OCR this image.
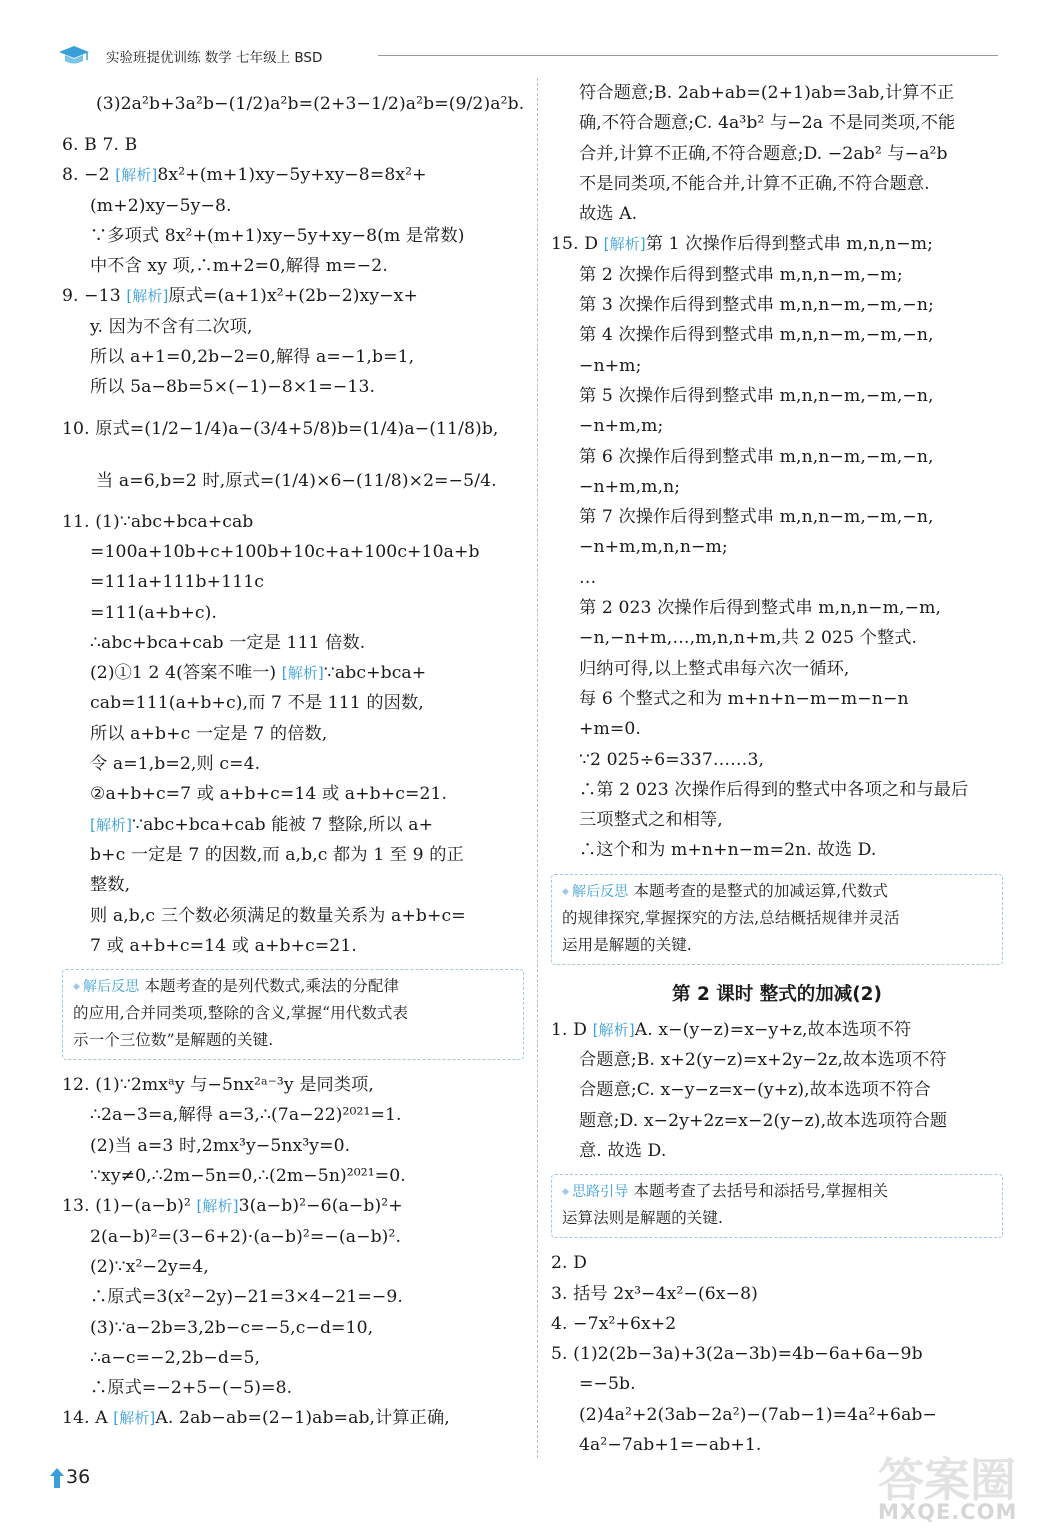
实验班提优训练 数学 七年级上 BSD
(3)2a²b+3a²b−(1/2)a²b=(2+3−1/2)a²b=(9/2)a²b.
6. B 7. B
8. −2 [解析]8x²+(m+1)xy−5y+xy−8=8x²+
(m+2)xy−5y−8.
∵多项式 8x²+(m+1)xy−5y+xy−8(m 是常数)
中不含 xy 项,∴m+2=0,解得 m=−2.
9. −13 [解析]原式=(a+1)x²+(2b−2)xy−x+
y. 因为不含有二次项,
所以 a+1=0,2b−2=0,解得 a=−1,b=1,
所以 5a−8b=5×(−1)−8×1=−13.
10. 原式=(1/2−1/4)a−(3/4+5/8)b=(1/4)a−(11/8)b,
当 a=6,b=2 时,原式=(1/4)×6−(11/8)×2=−5/4.
11. (1)∵abc+bca+cab
=100a+10b+c+100b+10c+a+100c+10a+b
=111a+111b+111c
=111(a+b+c).
∴abc+bca+cab 一定是 111 倍数.
(2)①1 2 4(答案不唯一) [解析]∵abc+bca+
cab=111(a+b+c),而 7 不是 111 的因数,
所以 a+b+c 一定是 7 的倍数,
令 a=1,b=2,则 c=4.
②a+b+c=7 或 a+b+c=14 或 a+b+c=21.
[解析]∵abc+bca+cab 能被 7 整除,所以 a+
b+c 一定是 7 的因数,而 a,b,c 都为 1 至 9 的正
整数,
则 a,b,c 三个数必须满足的数量关系为 a+b+c=
7 或 a+b+c=14 或 a+b+c=21.
◆ 解后反思 本题考查的是列代数式,乘法的分配律
的应用,合并同类项,整除的含义,掌握“用代数式表
示一个三位数”是解题的关键.
12. (1)∵2mxᵃy 与−5nx²ᵃ⁻³y 是同类项,
∴2a−3=a,解得 a=3,∴(7a−22)²⁰²¹=1.
(2)当 a=3 时,2mx³y−5nx³y=0.
∵xy≠0,∴2m−5n=0,∴(2m−5n)²⁰²¹=0.
13. (1)−(a−b)² [解析]3(a−b)²−6(a−b)²+
2(a−b)²=(3−6+2)·(a−b)²=−(a−b)².
(2)∵x²−2y=4,
∴原式=3(x²−2y)−21=3×4−21=−9.
(3)∵a−2b=3,2b−c=−5,c−d=10,
∴a−c=−2,2b−d=5,
∴原式=−2+5−(−5)=8.
14. A [解析]A. 2ab−ab=(2−1)ab=ab,计算正确,
符合题意;B. 2ab+ab=(2+1)ab=3ab,计算不正
确,不符合题意;C. 4a³b² 与−2a 不是同类项,不能
合并,计算不正确,不符合题意;D. −2ab² 与−a²b
不是同类项,不能合并,计算不正确,不符合题意.
故选 A.
15. D [解析]第 1 次操作后得到整式串 m,n,n−m;
第 2 次操作后得到整式串 m,n,n−m,−m;
第 3 次操作后得到整式串 m,n,n−m,−m,−n;
第 4 次操作后得到整式串 m,n,n−m,−m,−n,
−n+m;
第 5 次操作后得到整式串 m,n,n−m,−m,−n,
−n+m,m;
第 6 次操作后得到整式串 m,n,n−m,−m,−n,
−n+m,m,n;
第 7 次操作后得到整式串 m,n,n−m,−m,−n,
−n+m,m,n,n−m;
…
第 2 023 次操作后得到整式串 m,n,n−m,−m,
−n,−n+m,…,m,n,n+m,共 2 025 个整式.
归纳可得,以上整式串每六次一循环,
每 6 个整式之和为 m+n+n−m−m−n−n
+m=0.
∵2 025÷6=337……3,
∴第 2 023 次操作后得到的整式中各项之和与最后
三项整式之和相等,
∴这个和为 m+n+n−m=2n. 故选 D.
◆ 解后反思 本题考查的是整式的加减运算,代数式
的规律探究,掌握探究的方法,总结概括规律并灵活
运用是解题的关键.
第 2 课时 整式的加减(2)
1. D [解析]A. x−(y−z)=x−y+z,故本选项不符
合题意;B. x+2(y−z)=x+2y−2z,故本选项不符
合题意;C. x−y−z=x−(y+z),故本选项不符合
题意;D. x−2y+2z=x−2(y−z),故本选项符合题
意. 故选 D.
◆ 思路引导 本题考查了去括号和添括号,掌握相关
运算法则是解题的关键.
2. D
3. 括号 2x³−4x²−(6x−8)
4. −7x²+6x+2
5. (1)2(2b−3a)+3(2a−3b)=4b−6a+6a−9b
=−5b.
(2)4a²+2(3ab−2a²)−(7ab−1)=4a²+6ab−
4a²−7ab+1=−ab+1.
36	答案圈
MXQE.COM
